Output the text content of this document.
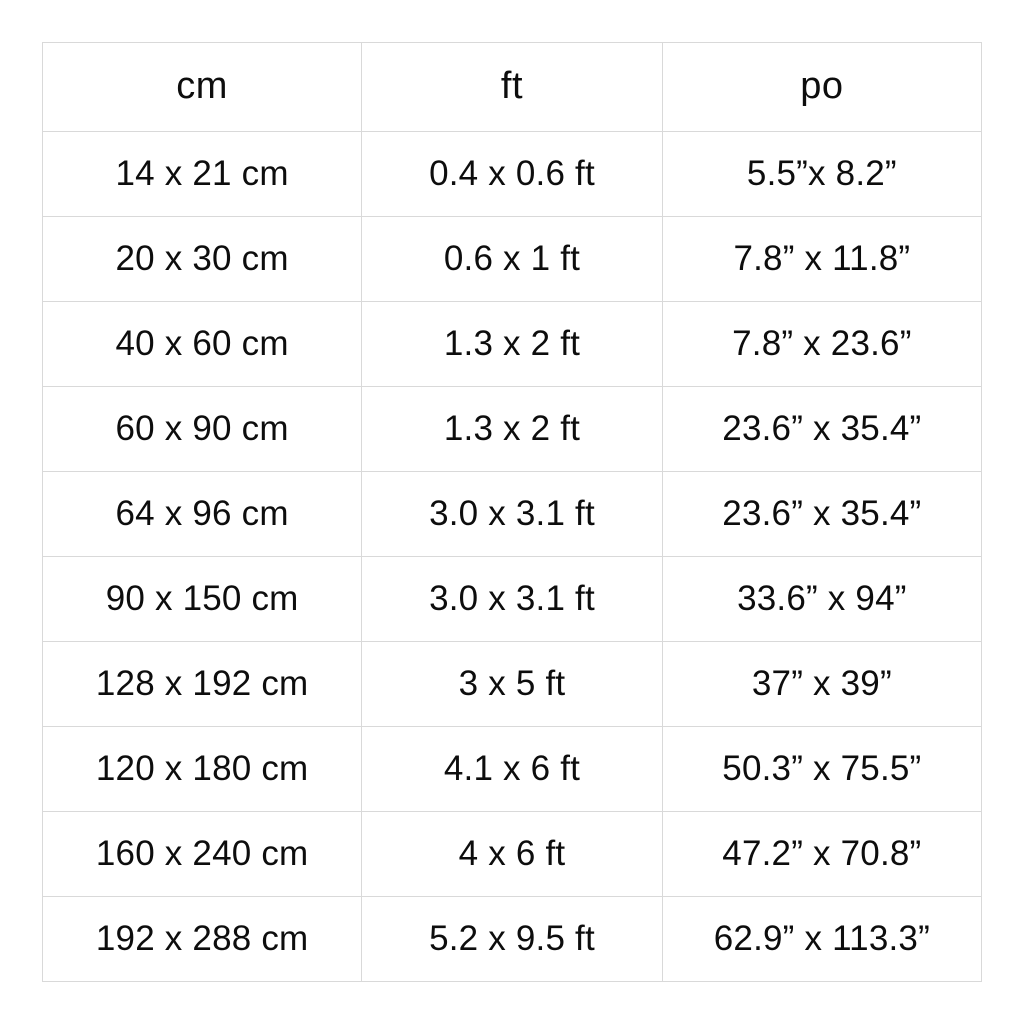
cm	ft	po
14 x 21 cm	0.4 x 0.6 ft	5.5”x 8.2”
20 x 30 cm	0.6 x 1 ft	7.8” x 11.8”
40 x 60 cm	1.3 x 2 ft	7.8” x 23.6”
60 x 90 cm	1.3 x 2 ft	23.6” x 35.4”
64 x 96 cm	3.0 x 3.1 ft	23.6” x 35.4”
90 x 150 cm	3.0 x 3.1 ft	33.6” x 94”
128 x 192 cm	3 x 5 ft	37” x 39”
120 x 180 cm	4.1 x 6 ft	50.3” x 75.5”
160 x 240 cm	4 x 6 ft	47.2” x 70.8”
192 x 288 cm	5.2 x 9.5 ft	62.9” x 113.3”
